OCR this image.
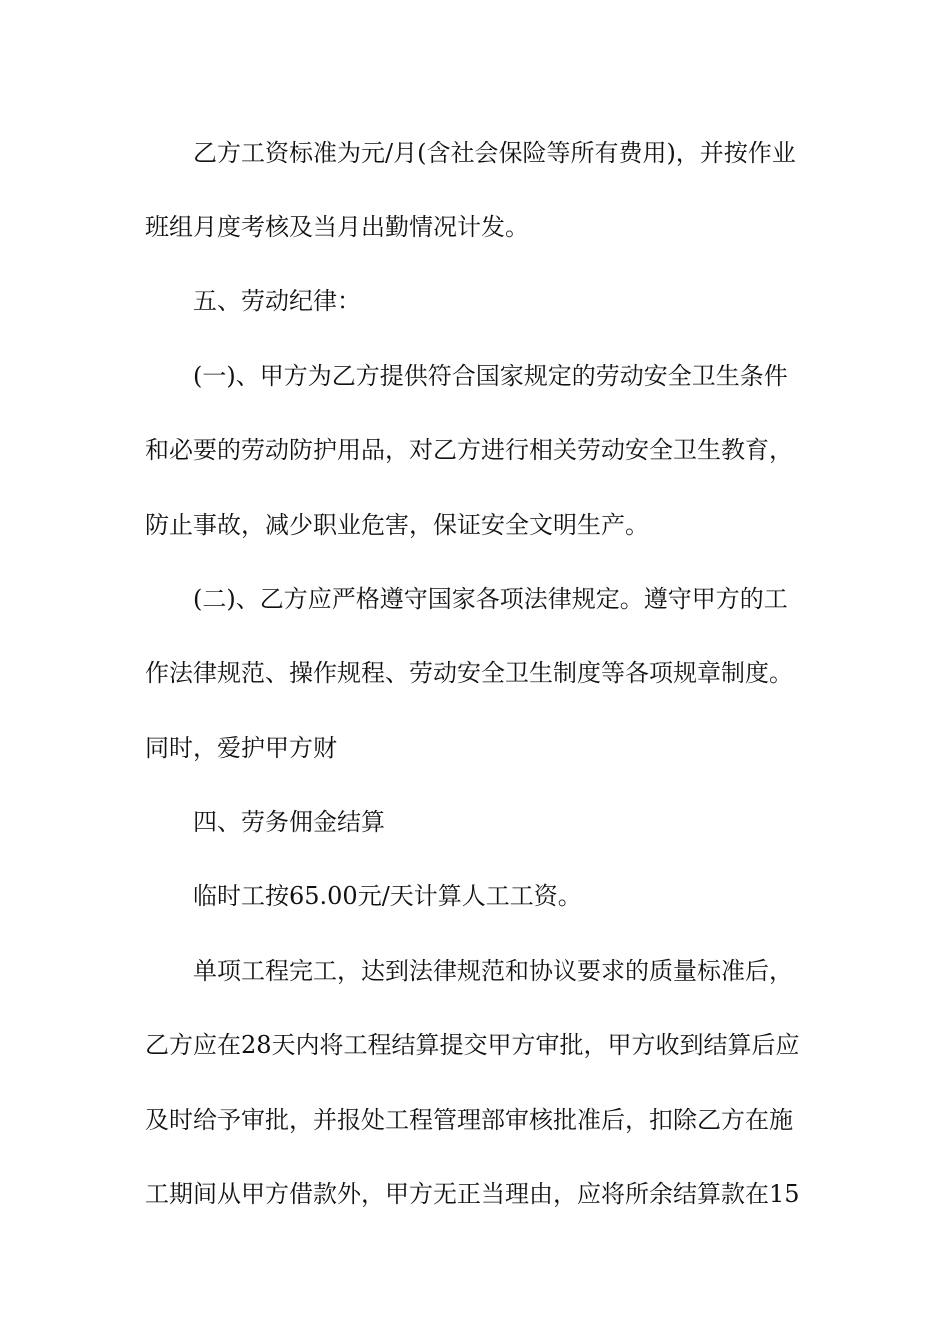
乙方工资标准为元/月(含社会保险等所有费用)，并按作业
班组月度考核及当月出勤情况计发。
五、劳动纪律：
(一)、甲方为乙方提供符合国家规定的劳动安全卫生条件
和必要的劳动防护用品，对乙方进行相关劳动安全卫生教育，
防止事故，减少职业危害，保证安全文明生产。
(二)、乙方应严格遵守国家各项法律规定。遵守甲方的工
作法律规范、操作规程、劳动安全卫生制度等各项规章制度。
同时，爱护甲方财
四、劳务佣金结算
临时工按65.00元/天计算人工工资。
单项工程完工，达到法律规范和协议要求的质量标准后，
乙方应在28天内将工程结算提交甲方审批，甲方收到结算后应
及时给予审批，并报处工程管理部审核批准后，扣除乙方在施
工期间从甲方借款外，甲方无正当理由，应将所余结算款在15
